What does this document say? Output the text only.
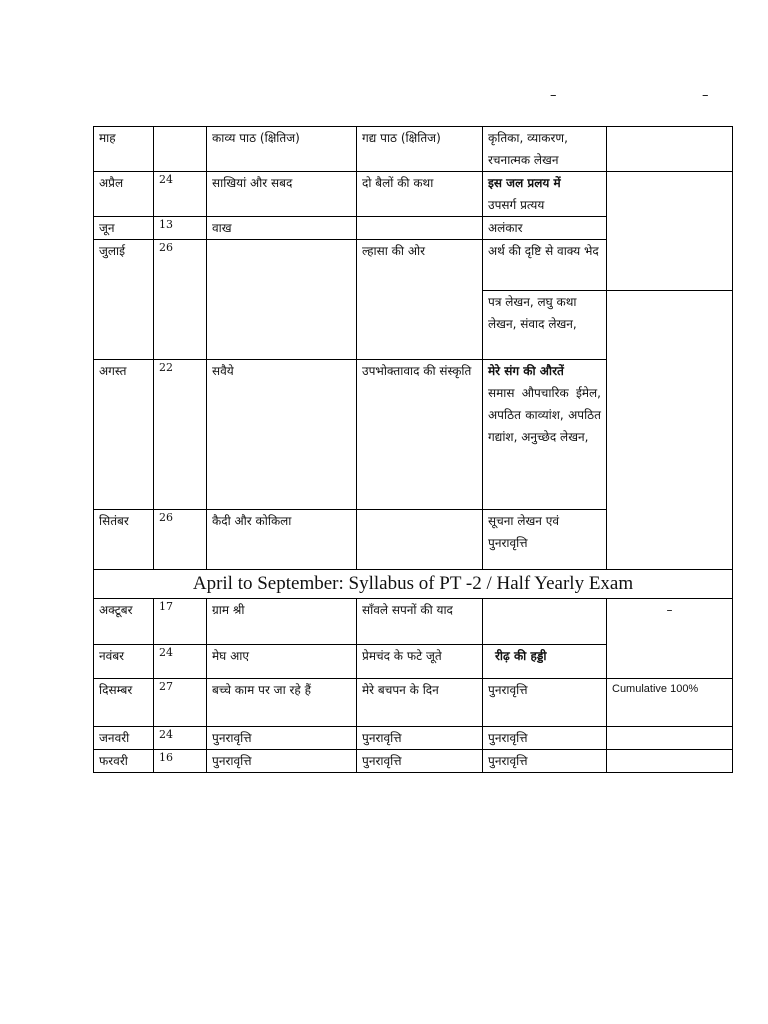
–	–
माह		काव्य पाठ (क्षितिज)	गद्य पाठ (क्षितिज)	कृतिका, व्याकरण, रचनात्मक लेखन	
अप्रैल	24	साखियां और सबद	दो बैलों की कथा	इस जल प्रलय में
उपसर्ग प्रत्यय	

जून	13	वाख		अलंकार	
जुलाई	26		ल्हासा की ओर	अर्थ की दृष्टि से वाक्य भेद	
				पत्र लेखन, लघु कथा लेखन, संवाद लेखन,	
अगस्त	22	सवैये	उपभोक्तावाद की संस्कृति	मेरे संग की औरतें
समास औपचारिक ईमेल, अपठित काव्यांश, अपठित गद्यांश, अनुच्छेद लेखन,	

सितंबर	26	कैदी और कोकिला		सूचना लेखन एवं पुनरावृत्ति	
April to September: Syllabus of PT -2 / Half Yearly Exam					
अक्टूबर	17	ग्राम श्री	साँवले सपनों की याद		–
नवंबर	24	मेघ आए	प्रेमचंद के फटे जूते	रीढ़ की हड्डी	
दिसम्बर	27	बच्चे काम पर जा रहे हैं	मेरे बचपन के दिन	पुनरावृत्ति	Cumulative 100%
जनवरी	24	पुनरावृत्ति	पुनरावृत्ति	पुनरावृत्ति	
फरवरी	16	पुनरावृत्ति	पुनरावृत्ति	पुनरावृत्ति	
